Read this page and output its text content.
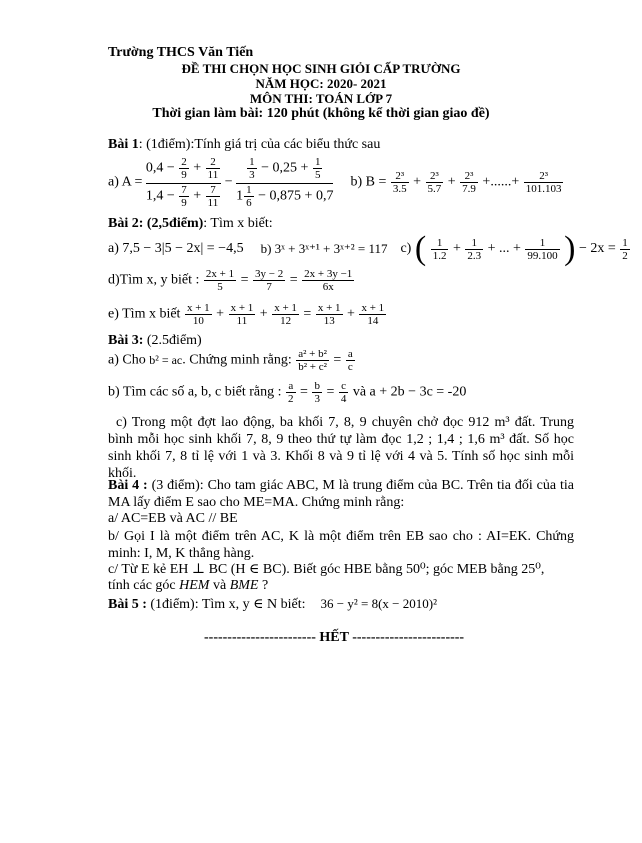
Trường THCS Văn Tiến
ĐỀ THI CHỌN HỌC SINH GIỎI CẤP TRƯỜNG
NĂM HỌC: 2020- 2021
MÔN THI: TOÁN LỚP 7
Thời gian làm bài: 120 phút (không kể thời gian giao đề)
Bài 1: (1điểm):Tính giá trị của các biểu thức sau
a) $A = \frac{0,4 - \frac{2}{9} + \frac{2}{11}}{1,4 - \frac{7}{9} + \frac{7}{11}} - \frac{\frac{1}{3} - 0,25 + \frac{1}{5}}{1 \frac{1}{6} - 0,875 + 0,7} b$) $B = \frac{\text{2³}}{3.5} + \frac{\text{2³}}{5.7} + \frac{\text{2³}}{7.9}$ +......+ $\frac{\text{2³}}{101.103}$
Bài 2: (2,5điểm): Tìm x biết:
a) 7,5 − 3|5 − 2x| = −4,5 b) 3ˣ + 3ˣ⁺¹ + 3ˣ⁺² = 117 c) ( $\frac{1}{1.2} + \frac{1}{2.3}$ + ... + $\frac{1}{99.100}$ ) − $2x = \frac{1}{2}$
d)Tìm x, y biết : $\frac{2x + 1}{5} = \frac{3y - 2}{7} = \frac{2x + 3y -1}{6x}$
e) Tìm x biết $\frac{x + 1}{10} + \frac{x + 1}{11} + \frac{x + 1}{12} = \frac{x + 1}{13} + \frac{x + 1}{14}$
Bài 3: (2.5điểm)
a) Cho b² = ac. Chứng minh rằng: $\frac{\text{a² + b²}}{\text{b² + c²}} = \frac{a}{c}$
b) Tìm các số a, b, c biết rằng : $\frac{a}{2} = \frac{b}{3} = \frac{c}{4}$ và a + 2b − 3c = -20
c) Trong một đợt lao động, ba khối 7, 8, 9 chuyên chở đọc 912 m³ đất. Trung bình mỗi học sinh khối 7, 8, 9 theo thứ tự làm đọc 1,2 ; 1,4 ; 1,6 m³ đất. Số học sinh khối 7, 8 tỉ lệ với 1 và 3. Khối 8 và 9 tỉ lệ với 4 và 5. Tính số học sinh mỗi khối.
Bài 4 : (3 điểm): Cho tam giác ABC, M là trung điểm của BC. Trên tia đối của tia MA lấy điểm E sao cho ME=MA. Chứng minh rằng:
a/ AC=EB và AC // BE
b/ Gọi I là một điểm trên AC, K là một điểm trên EB sao cho : AI=EK. Chứng minh: I, M, K thẳng hàng.
c/ Từ E kẻ EH ⊥ BC (H ∈ BC). Biết góc HBE bằng 50⁰; góc MEB bằng 25⁰,
tính các góc HEM và BME ?
Bài 5 : (1điểm): Tìm x, y ∈ N biết: 36 − y² = 8(x − 2010)²
------------------------ HẾT ------------------------
